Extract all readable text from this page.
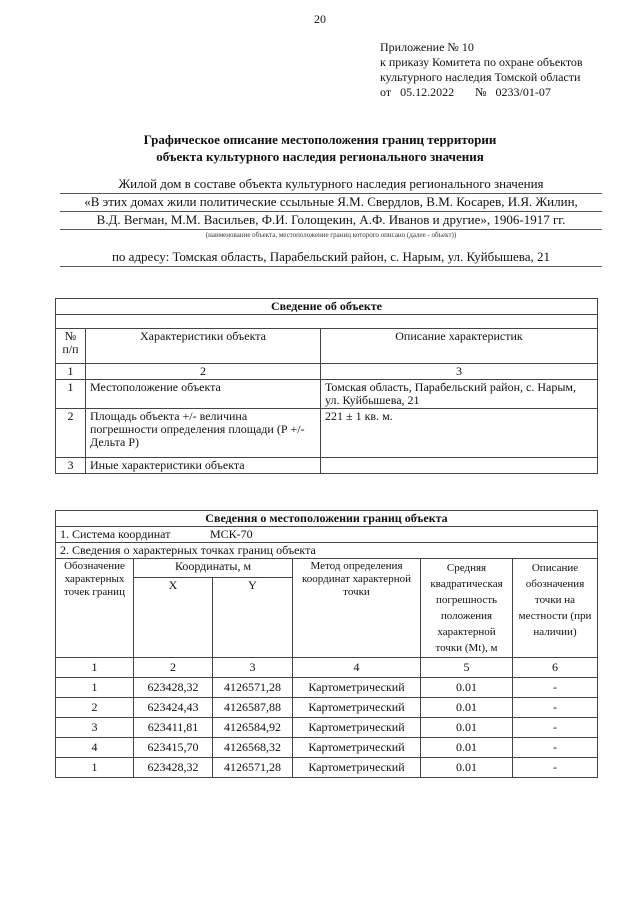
20
Приложение № 10
к приказу Комитета по охране объектов
культурного наследия Томской области
от 05.12.2022 № 0233/01-07
Графическое описание местоположения границ территории
объекта культурного наследия регионального значения
Жилой дом в составе объекта культурного наследия регионального значения
«В этих домах жили политические ссыльные Я.М. Свердлов, В.М. Косарев, И.Я. Жилин,
В.Д. Вегман, М.М. Васильев, Ф.И. Голощекин, А.Ф. Иванов и другие», 1906-1917 гг.
(наименование объекта, местоположение границ которого описано (далее - объект))
по адресу: Томская область, Парабельский район, с. Нарым, ул. Куйбышева, 21
Сведение об объекте		

№ п/п	Характеристики объекта	Описание характеристик
1	2	3
1	Местоположение объекта	Томская область, Парабельский район, с. Нарым, ул. Куйбышева, 21
2	Площадь объекта +/- величина погрешности определения площади (Р +/- Дельта Р)	221 ± 1 кв. м.
3	Иные характеристики объекта	
Сведения о местоположении границ объекта					
1. Система координат МСК-70					
2. Сведения о характерных точках границ объекта					
Обозначение характерных точек границ	Координаты, м		Метод определения координат характерной точки	Средняя квадратическая погрешность положения характерной точки (Mt), м	Описание обозначения точки на местности (при наличии)
	X	Y			
1	2	3	4	5	6
1	623428,32	4126571,28	Картометрический	0.01	-
2	623424,43	4126587,88	Картометрический	0.01	-
3	623411,81	4126584,92	Картометрический	0.01	-
4	623415,70	4126568,32	Картометрический	0.01	-
1	623428,32	4126571,28	Картометрический	0.01	-
